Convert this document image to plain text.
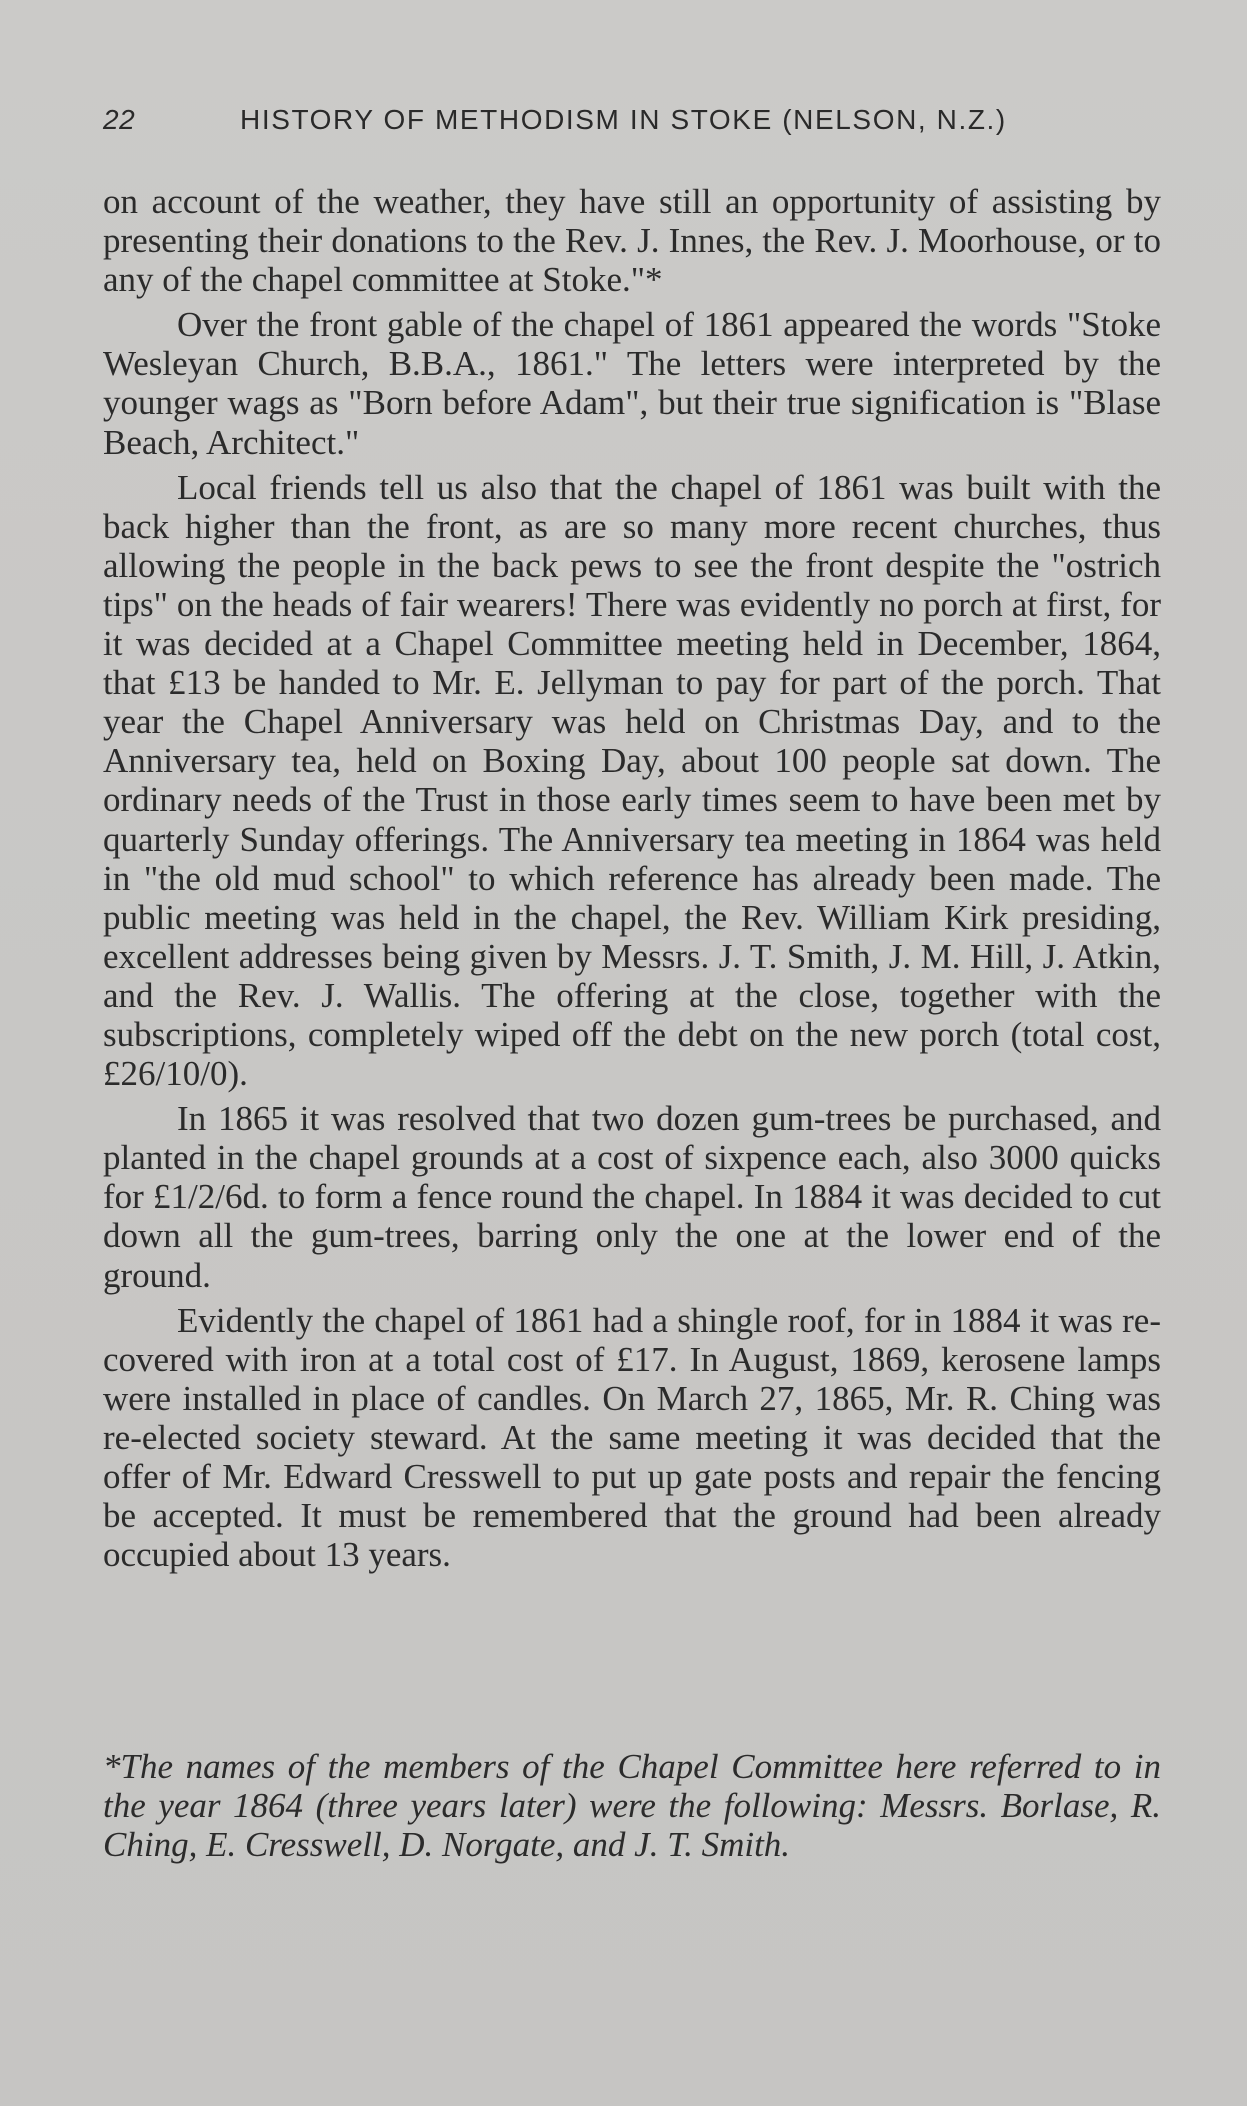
22	HISTORY OF METHODISM IN STOKE (NELSON, N.Z.)

on account of the weather, they have still an opportunity of assisting by presenting their donations to the Rev. J. Innes, the Rev. J. Moorhouse, or to any of the chapel committee at Stoke."*

Over the front gable of the chapel of 1861 appeared the words "Stoke Wesleyan Church, B.B.A., 1861." The letters were interpreted by the younger wags as "Born before Adam", but their true signification is "Blase Beach, Architect."

Local friends tell us also that the chapel of 1861 was built with the back higher than the front, as are so many more recent churches, thus allowing the people in the back pews to see the front despite the "ostrich tips" on the heads of fair wearers! There was evidently no porch at first, for it was decided at a Chapel Committee meeting held in December, 1864, that £13 be handed to Mr. E. Jellyman to pay for part of the porch. That year the Chapel Anniversary was held on Christmas Day, and to the Anniversary tea, held on Boxing Day, about 100 people sat down. The ordinary needs of the Trust in those early times seem to have been met by quarterly Sunday offerings. The Anniversary tea meeting in 1864 was held in "the old mud school" to which reference has already been made. The public meeting was held in the chapel, the Rev. William Kirk presiding, excellent addresses being given by Messrs. J. T. Smith, J. M. Hill, J. Atkin, and the Rev. J. Wallis. The offering at the close, together with the subscriptions, completely wiped off the debt on the new porch (total cost, £26/10/0).

In 1865 it was resolved that two dozen gum-trees be purchased, and planted in the chapel grounds at a cost of sixpence each, also 3000 quicks for £1/2/6d. to form a fence round the chapel. In 1884 it was decided to cut down all the gum-trees, barring only the one at the lower end of the ground.

Evidently the chapel of 1861 had a shingle roof, for in 1884 it was re-covered with iron at a total cost of £17. In August, 1869, kerosene lamps were installed in place of candles. On March 27, 1865, Mr. R. Ching was re-elected society steward. At the same meeting it was decided that the offer of Mr. Edward Cresswell to put up gate posts and repair the fencing be accepted. It must be remembered that the ground had been already occupied about 13 years.

*The names of the members of the Chapel Committee here referred to in the year 1864 (three years later) were the following: Messrs. Borlase, R. Ching, E. Cresswell, D. Norgate, and J. T. Smith.
